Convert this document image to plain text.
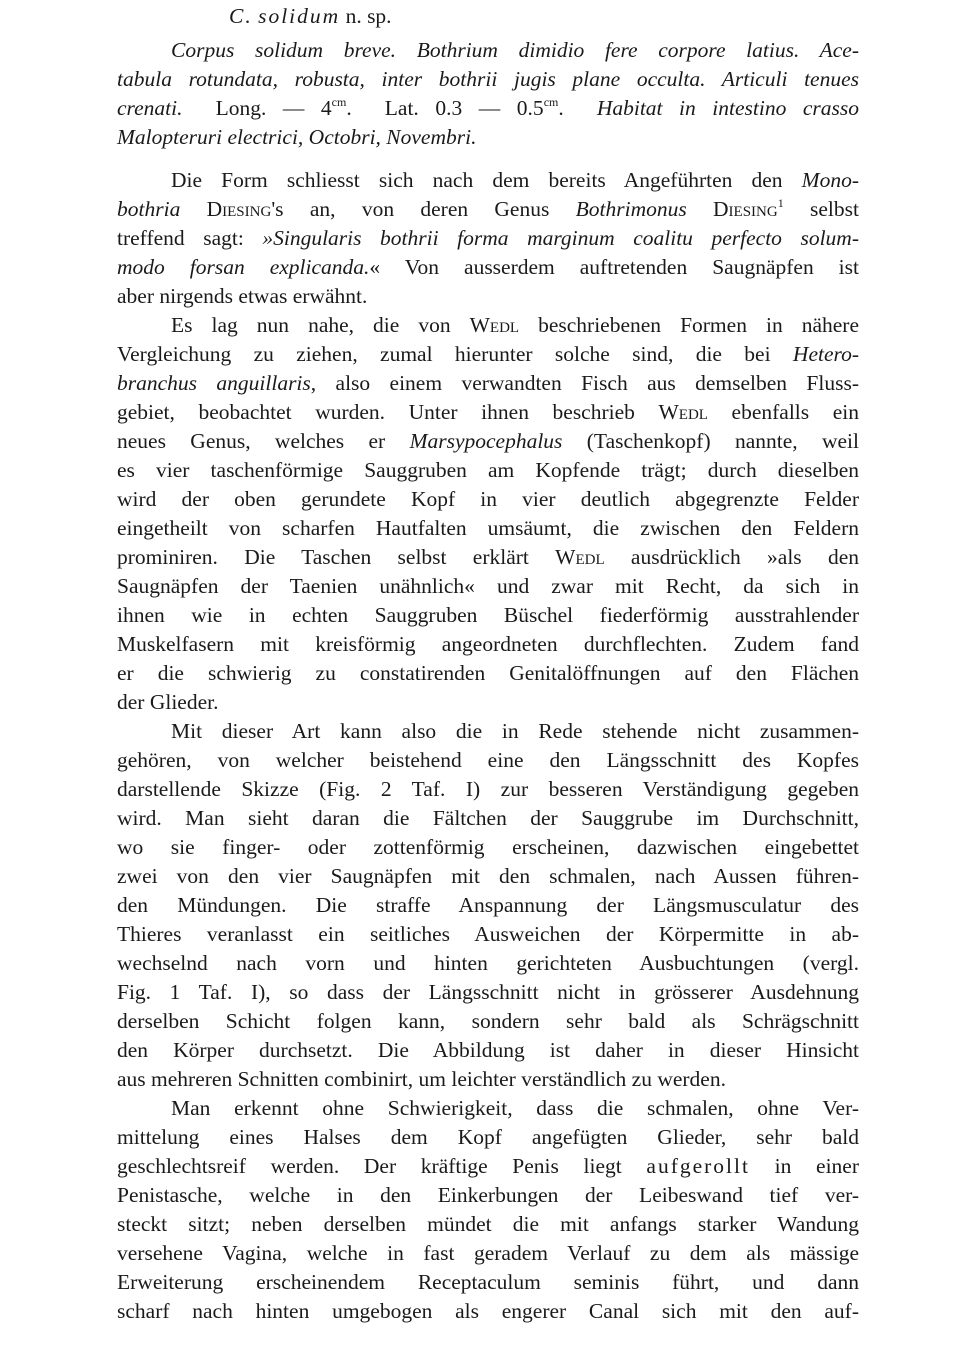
C. solidum n. sp.
Corpus solidum breve. Bothrium dimidio fere corpore latius. Ace-
tabula rotundata, robusta, inter bothrii jugis plane occulta. Articuli tenues
crenati. Long. — $4^{cm}$.  Lat. 0.3 — $0.5^{cm}$.  Habitat in intestino crasso
Malopteruri electrici, Octobri, Novembri.
Die Form schliesst sich nach dem bereits Angeführten den Mono-
bothria Diesing's an, von deren Genus Bothrimonus Diesing$^1$ selbst
treffend sagt: »Singularis bothrii forma marginum coalitu perfecto solum-
modo forsan explicanda.« Von ausserdem auftretenden Saugnäpfen ist
aber nirgends etwas erwähnt.
Es lag nun nahe, die von Wedl beschriebenen Formen in nähere
Vergleichung zu ziehen, zumal hierunter solche sind, die bei Hetero-
branchus anguillaris, also einem verwandten Fisch aus demselben Fluss-
gebiet, beobachtet wurden. Unter ihnen beschrieb Wedl ebenfalls ein
neues Genus, welches er Marsypocephalus (Taschenkopf) nannte, weil
es vier taschenförmige Sauggruben am Kopfende trägt; durch dieselben
wird der oben gerundete Kopf in vier deutlich abgegrenzte Felder
eingetheilt von scharfen Hautfalten umsäumt, die zwischen den Feldern
prominiren. Die Taschen selbst erklärt Wedl ausdrücklich »als den
Saugnäpfen der Taenien unähnlich« und zwar mit Recht, da sich in
ihnen wie in echten Sauggruben Büschel fiederförmig ausstrahlender
Muskelfasern mit kreisförmig angeordneten durchflechten. Zudem fand
er die schwierig zu constatirenden Genitalöffnungen auf den Flächen
der Glieder.
Mit dieser Art kann also die in Rede stehende nicht zusammen-
gehören, von welcher beistehend eine den Längsschnitt des Kopfes
darstellende Skizze (Fig. 2 Taf. I) zur besseren Verständigung gegeben
wird. Man sieht daran die Fältchen der Sauggrube im Durchschnitt,
wo sie finger- oder zottenförmig erscheinen, dazwischen eingebettet
zwei von den vier Saugnäpfen mit den schmalen, nach Aussen führen-
den Mündungen. Die straffe Anspannung der Längsmusculatur des
Thieres veranlasst ein seitliches Ausweichen der Körpermitte in ab-
wechselnd nach vorn und hinten gerichteten Ausbuchtungen (vergl.
Fig. 1 Taf. I), so dass der Längsschnitt nicht in grösserer Ausdehnung
derselben Schicht folgen kann, sondern sehr bald als Schrägschnitt
den Körper durchsetzt. Die Abbildung ist daher in dieser Hinsicht
aus mehreren Schnitten combinirt, um leichter verständlich zu werden.
Man erkennt ohne Schwierigkeit, dass die schmalen, ohne Ver-
mittelung eines Halses dem Kopf angefügten Glieder, sehr bald
geschlechtsreif werden. Der kräftige Penis liegt aufgerollt in einer
Penistasche, welche in den Einkerbungen der Leibeswand tief ver-
steckt sitzt; neben derselben mündet die mit anfangs starker Wandung
versehene Vagina, welche in fast geradem Verlauf zu dem als mässige
Erweiterung erscheinendem Receptaculum seminis führt, und dann
scharf nach hinten umgebogen als engerer Canal sich mit den auf-
